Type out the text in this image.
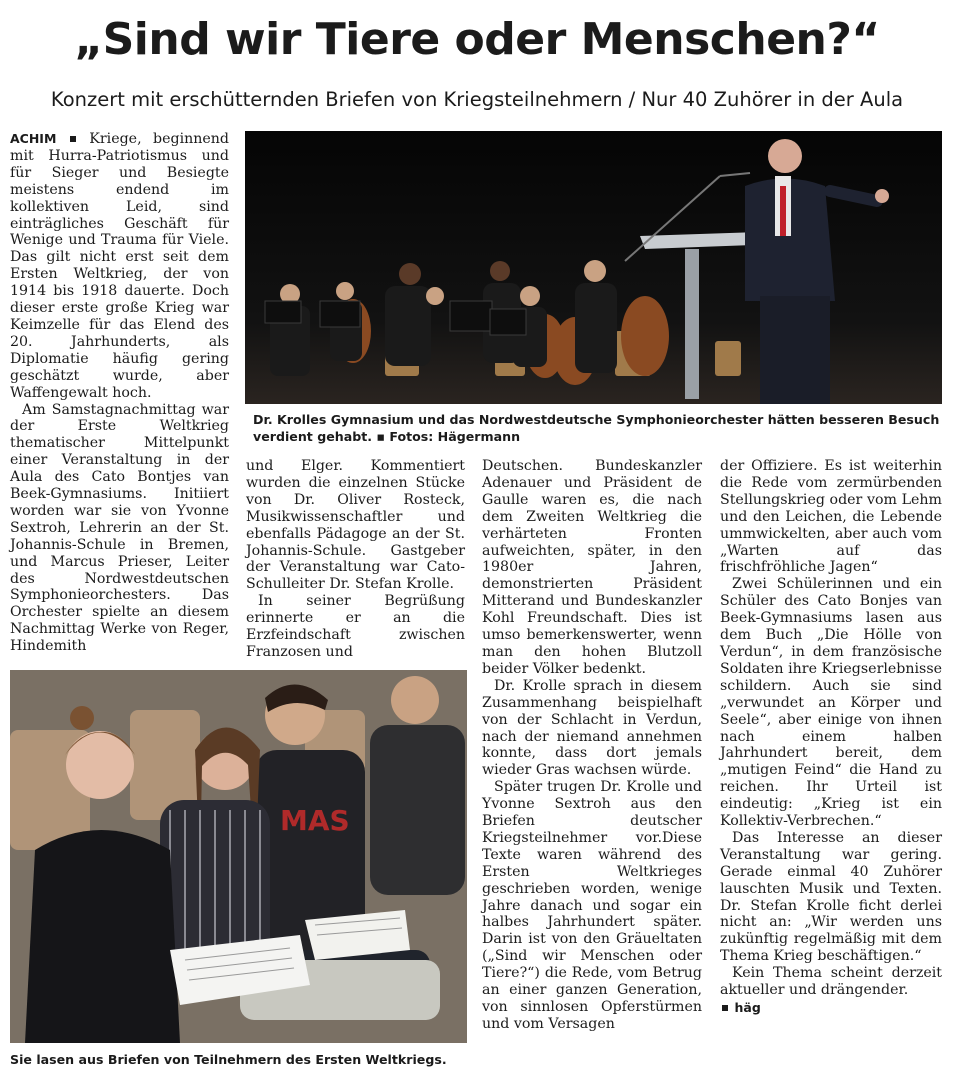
„Sind wir Tiere oder Menschen?“
Konzert mit erschütternden Briefen von Kriegsteilnehmern / Nur 40 Zuhörer in der Aula

ACHIM Kriege, beginnend mit Hurra-Patriotismus und für Sieger und Besiegte meistens endend im kollektiven Leid, sind einträgliches Geschäft für Wenige und Trauma für Viele. Das gilt nicht erst seit dem Ersten Weltkrieg, der von 1914 bis 1918 dauerte. Doch dieser erste große Krieg war Keimzelle für das Elend des 20. Jahrhunderts, als Diplomatie häufig gering geschätzt wurde, aber Waffengewalt hoch.

Am Samstagnachmittag war der Erste Weltkrieg thematischer Mittelpunkt einer Veranstaltung in der Aula des Cato Bontjes van Beek-Gymnasiums. Initiiert worden war sie von Yvonne Sextroh, Lehrerin an der St. Johannis-Schule in Bremen, und Marcus Prieser, Leiter des Nordwestdeutschen Symphonieorchesters. Das Orchester spielte an diesem Nachmittag Werke von Reger, Hindemith

Dr. Krolles Gymnasium und das Nordwestdeutsche Symphonieorchester hätten besseren Besuch verdient gehabt. ▪ Fotos: Hägermann

und Elger. Kommentiert wurden die einzelnen Stücke von Dr. Oliver Rosteck, Musikwissenschaftler und ebenfalls Pädagoge an der St. Johannis-Schule. Gastgeber der Veranstaltung war Cato-Schulleiter Dr. Stefan Krolle.

In seiner Begrüßung erinnerte er an die Erzfeindschaft zwischen Franzosen und

MAS
Sie lasen aus Briefen von Teilnehmern des Ersten Weltkriegs.

Deutschen. Bundeskanzler Adenauer und Präsident de Gaulle waren es, die nach dem Zweiten Weltkrieg die verhärteten Fronten aufweichten, später, in den 1980er Jahren, demonstrierten Präsident Mitterand und Bundeskanzler Kohl Freundschaft. Dies ist umso bemerkenswerter, wenn man den hohen Blutzoll beider Völker bedenkt.

Dr. Krolle sprach in diesem Zusammenhang beispielhaft von der Schlacht in Verdun, nach der niemand annehmen konnte, dass dort jemals wieder Gras wachsen würde.

Später trugen Dr. Krolle und Yvonne Sextroh aus den Briefen deutscher Kriegsteilnehmer vor.Diese Texte waren während des Ersten Weltkrieges geschrieben worden, wenige Jahre danach und sogar ein halbes Jahrhundert später. Darin ist von den Gräueltaten („Sind wir Menschen oder Tiere?“) die Rede, vom Betrug an einer ganzen Generation, von sinnlosen Opferstürmen und vom Versagen

der Offiziere. Es ist weiterhin die Rede vom zermürbenden Stellungskrieg oder vom Lehm und den Leichen, die Lebende ummwickelten, aber auch vom „Warten auf das frischfröhliche Jagen“

Zwei Schülerinnen und ein Schüler des Cato Bonjes van Beek-Gymnasiums lasen aus dem Buch „Die Hölle von Verdun“, in dem französische Soldaten ihre Kriegserlebnisse schildern. Auch sie sind „verwundet an Körper und Seele“, aber einige von ihnen nach einem halben Jahrhundert bereit, dem „mutigen Feind“ die Hand zu reichen. Ihr Urteil ist eindeutig: „Krieg ist ein Kollektiv-Verbrechen.“

Das Interesse an dieser Veranstaltung war gering. Gerade einmal 40 Zuhörer lauschten Musik und Texten. Dr. Stefan Krolle ficht derlei nicht an: „Wir werden uns zukünftig regelmäßig mit dem Thema Krieg beschäftigen.“

Kein Thema scheint derzeit aktueller und drängender.

häg
